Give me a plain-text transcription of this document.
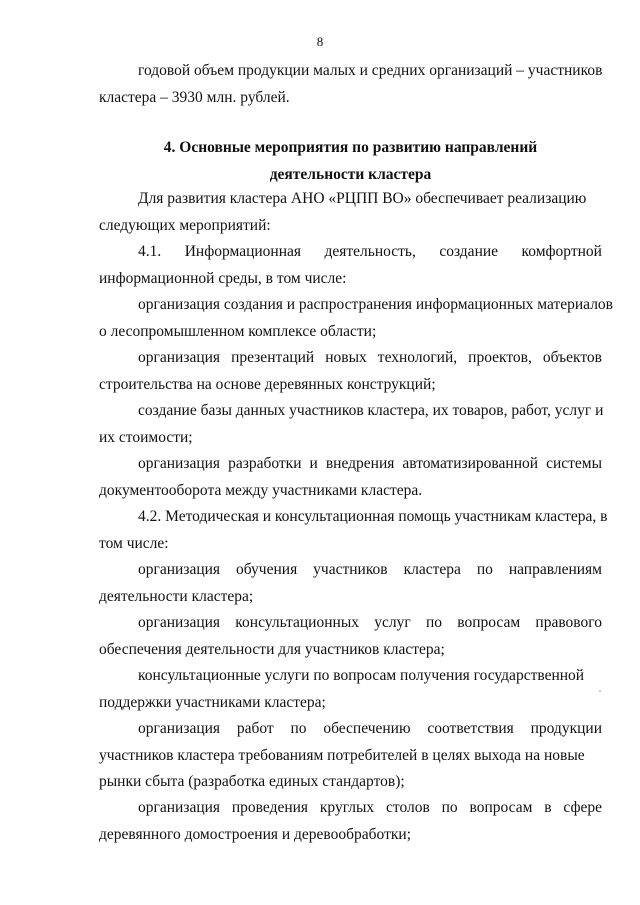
8
годовой объем продукции малых и средних организаций – участников
кластера – 3930 млн. рублей.
4. Основные мероприятия по развитию направлений
деятельности кластера
Для развития кластера АНО «РЦПП ВО» обеспечивает реализацию
следующих мероприятий:
4.1. Информационная деятельность, создание комфортной
информационной среды, в том числе:
организация создания и распространения информационных материалов
о лесопромышленном комплексе области;
организация презентаций новых технологий, проектов, объектов
строительства на основе деревянных конструкций;
создание базы данных участников кластера, их товаров, работ, услуг и
их стоимости;
организация разработки и внедрения автоматизированной системы
документооборота между участниками кластера.
4.2. Методическая и консультационная помощь участникам кластера, в
том числе:
организация обучения участников кластера по направлениям
деятельности кластера;
организация консультационных услуг по вопросам правового
обеспечения деятельности для участников кластера;
консультационные услуги по вопросам получения государственной
поддержки участниками кластера;
организация работ по обеспечению соответствия продукции
участников кластера требованиям потребителей в целях выхода на новые
рынки сбыта (разработка единых стандартов);
организация проведения круглых столов по вопросам в сфере
деревянного домостроения и деревообработки;
